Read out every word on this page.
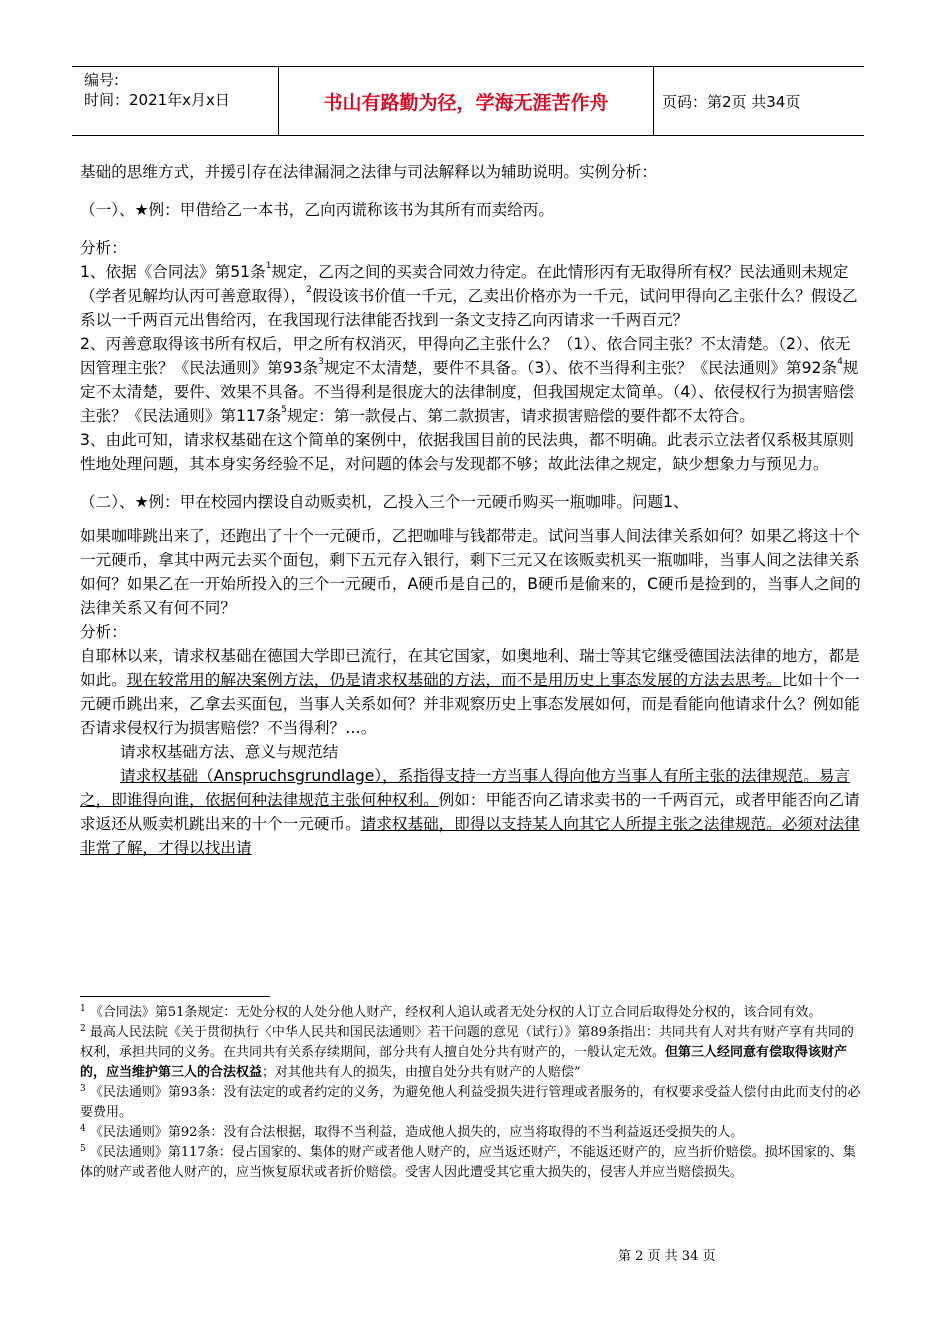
编号:
时间：2021年x月x日	书山有路勤为径，学海无涯苦作舟	页码：第2页 共34页

基础的思维方式，并援引存在法律漏洞之法律与司法解释以为辅助说明。实例分析：

（一）、★例：甲借给乙一本书，乙向丙谎称该书为其所有而卖给丙。

分析：

1、依据《合同法》第51条$^1$规定，乙丙之间的买卖合同效力待定。在此情形丙有无取得所有权？民法通则未规定（学者见解均认丙可善意取得），$^2$假设该书价值一千元，乙卖出价格亦为一千元，试问甲得向乙主张什么？假设乙系以一千两百元出售给丙，在我国现行法律能否找到一条文支持乙向丙请求一千两百元？

2、丙善意取得该书所有权后，甲之所有权消灭，甲得向乙主张什么？（1）、依合同主张？不太清楚。（2）、依无因管理主张？《民法通则》第93条$^3$规定不太清楚，要件不具备。（3）、依不当得利主张？《民法通则》第92条$^4$规定不太清楚，要件、效果不具备。不当得利是很庞大的法律制度，但我国规定太简单。（4）、依侵权行为损害赔偿主张？《民法通则》第117条$^5$规定：第一款侵占、第二款损害，请求损害赔偿的要件都不太符合。

3、由此可知，请求权基础在这个简单的案例中，依据我国目前的民法典，都不明确。此表示立法者仅系极其原则性地处理问题，其本身实务经验不足，对问题的体会与发现都不够；故此法律之规定，缺少想象力与预见力。

（二）、★例：甲在校园内摆设自动贩卖机，乙投入三个一元硬币购买一瓶咖啡。问题1、

如果咖啡跳出来了，还跑出了十个一元硬币，乙把咖啡与钱都带走。试问当事人间法律关系如何？如果乙将这十个一元硬币，拿其中两元去买个面包，剩下五元存入银行，剩下三元又在该贩卖机买一瓶咖啡，当事人间之法律关系如何？如果乙在一开始所投入的三个一元硬币，A硬币是自己的，B硬币是偷来的，C硬币是捡到的，当事人之间的法律关系又有何不同？

分析：

自耶林以来，请求权基础在德国大学即已流行，在其它国家，如奥地利、瑞士等其它继受德国法法律的地方，都是如此。现在较常用的解决案例方法，仍是请求权基础的方法，而不是用历史上事态发展的方法去思考。比如十个一元硬币跳出来，乙拿去买面包，当事人关系如何？并非观察历史上事态发展如何，而是看能向他请求什么？例如能否请求侵权行为损害赔偿？不当得利？…。

请求权基础方法、意义与规范结

请求权基础（Anspruchsgrundlage），系指得支持一方当事人得向他方当事人有所主张的法律规范。易言之，即谁得向谁，依据何种法律规范主张何种权利。例如：甲能否向乙请求卖书的一千两百元，或者甲能否向乙请求返还从贩卖机跳出来的十个一元硬币。请求权基础，即得以支持某人向其它人所提主张之法律规范。必须对法律非常了解，才得以找出请

$^1$ 《合同法》第51条规定：无处分权的人处分他人财产，经权利人追认或者无处分权的人订立合同后取得处分权的，该合同有效。

$^2$ 最高人民法院《关于贯彻执行〈中华人民共和国民法通则〉若干问题的意见（试行）》第89条指出：共同共有人对共有财产享有共同的权利，承担共同的义务。在共同共有关系存续期间，部分共有人擅自处分共有财产的，一般认定无效。但第三人经同意有偿取得该财产的，应当维护第三人的合法权益；对其他共有人的损失，由擅自处分共有财产的人赔偿”

$^3$ 《民法通则》第93条：没有法定的或者约定的义务，为避免他人利益受损失进行管理或者服务的，有权要求受益人偿付由此而支付的必要费用。

$^4$ 《民法通则》第92条：没有合法根据，取得不当利益，造成他人损失的，应当将取得的不当利益返还受损失的人。

$^5$ 《民法通则》第117条：侵占国家的、集体的财产或者他人财产的，应当返还财产，不能返还财产的，应当折价赔偿。损坏国家的、集体的财产或者他人财产的，应当恢复原状或者折价赔偿。受害人因此遭受其它重大损失的，侵害人并应当赔偿损失。

第 2 页 共 34 页
